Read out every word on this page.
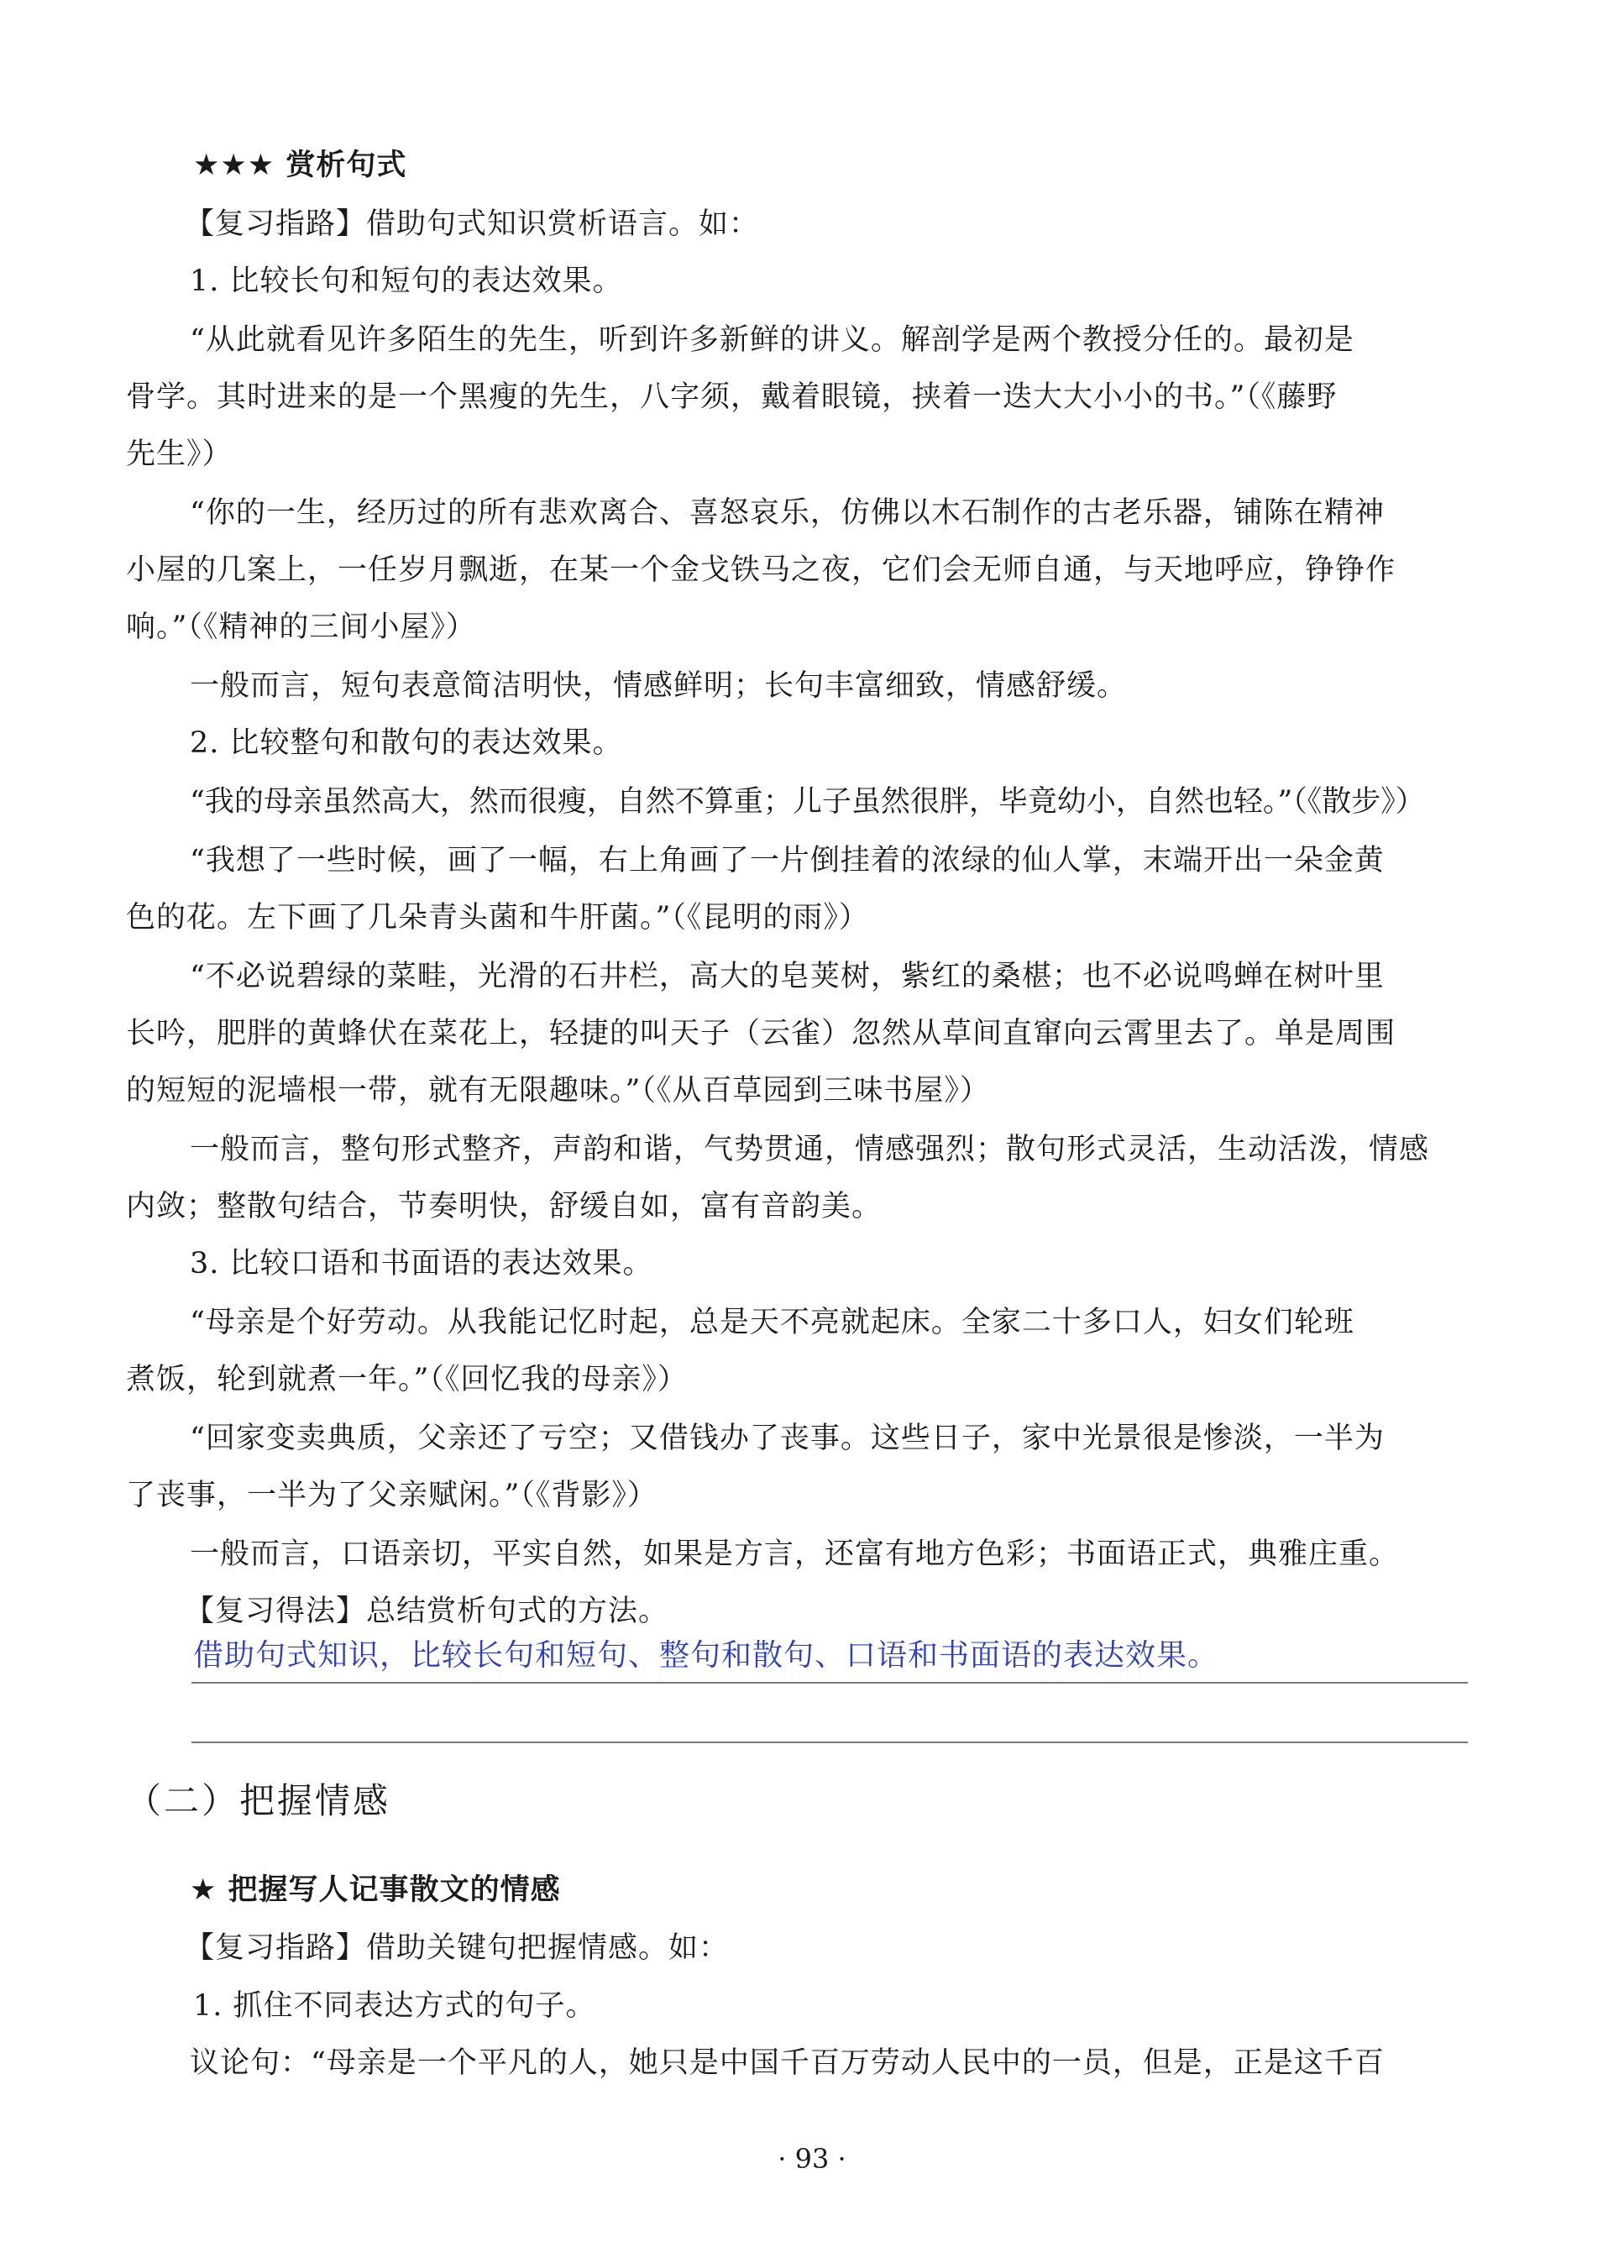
★★★ 赏析句式
【复习指路】借助句式知识赏析语言。如：
1. 比较长句和短句的表达效果。
“从此就看见许多陌生的先生，听到许多新鲜的讲义。解剖学是两个教授分任的。最初是
骨学。其时进来的是一个黑瘦的先生，八字须，戴着眼镜，挟着一迭大大小小的书。”（《藤野
先生》）
“你的一生，经历过的所有悲欢离合、喜怒哀乐，仿佛以木石制作的古老乐器，铺陈在精神
小屋的几案上，一任岁月飘逝，在某一个金戈铁马之夜，它们会无师自通，与天地呼应，铮铮作
响。”（《精神的三间小屋》）
一般而言，短句表意简洁明快，情感鲜明；长句丰富细致，情感舒缓。
2. 比较整句和散句的表达效果。
“我的母亲虽然高大，然而很瘦，自然不算重；儿子虽然很胖，毕竟幼小，自然也轻。”（《散步》）
“我想了一些时候，画了一幅，右上角画了一片倒挂着的浓绿的仙人掌，末端开出一朵金黄
色的花。左下画了几朵青头菌和牛肝菌。”（《昆明的雨》）
“不必说碧绿的菜畦，光滑的石井栏，高大的皂荚树，紫红的桑椹；也不必说鸣蝉在树叶里
长吟，肥胖的黄蜂伏在菜花上，轻捷的叫天子（云雀）忽然从草间直窜向云霄里去了。单是周围
的短短的泥墙根一带，就有无限趣味。”（《从百草园到三味书屋》）
一般而言，整句形式整齐，声韵和谐，气势贯通，情感强烈；散句形式灵活，生动活泼，情感
内敛；整散句结合，节奏明快，舒缓自如，富有音韵美。
3. 比较口语和书面语的表达效果。
“母亲是个好劳动。从我能记忆时起，总是天不亮就起床。全家二十多口人，妇女们轮班
煮饭，轮到就煮一年。”（《回忆我的母亲》）
“回家变卖典质，父亲还了亏空；又借钱办了丧事。这些日子，家中光景很是惨淡，一半为
了丧事，一半为了父亲赋闲。”（《背影》）
一般而言，口语亲切，平实自然，如果是方言，还富有地方色彩；书面语正式，典雅庄重。
【复习得法】总结赏析句式的方法。
借助句式知识，比较长句和短句、整句和散句、口语和书面语的表达效果。
（二）把握情感
★ 把握写人记事散文的情感
【复习指路】借助关键句把握情感。如：
1. 抓住不同表达方式的句子。
议论句：“母亲是一个平凡的人，她只是中国千百万劳动人民中的一员，但是，正是这千百
· 93 ·
